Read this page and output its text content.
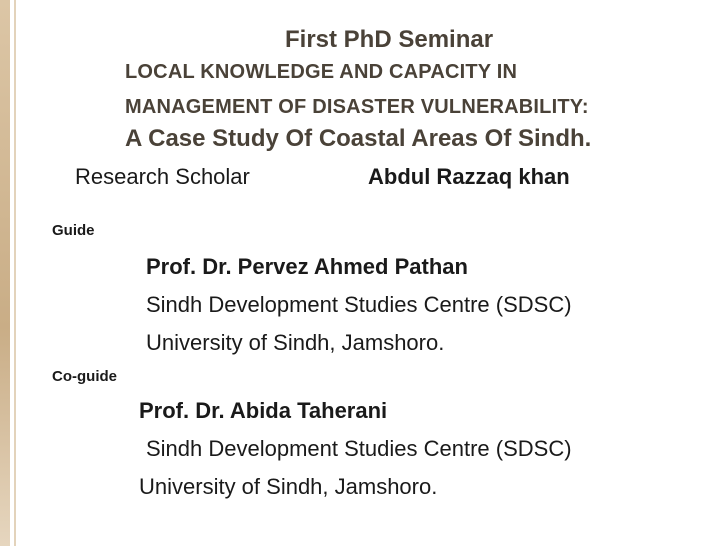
First PhD Seminar
LOCAL KNOWLEDGE AND CAPACITY IN
MANAGEMENT OF DISASTER VULNERABILITY:
A Case Study Of Coastal Areas Of Sindh.
Research Scholar	Abdul Razzaq khan
Guide
Prof. Dr. Pervez Ahmed Pathan
Sindh Development Studies Centre (SDSC)
University of Sindh, Jamshoro.
Co-guide
Prof. Dr. Abida Taherani
Sindh Development Studies Centre (SDSC)
University of Sindh, Jamshoro.
